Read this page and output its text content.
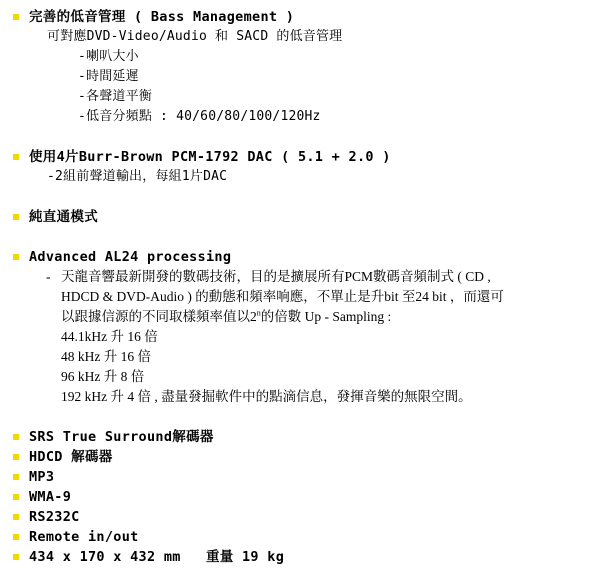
完善的低音管理 ( Bass Management )
可對應DVD-Video/Audio 和 SACD 的低音管理
-喇叭大小
-時間延遲
-各聲道平衡
-低音分頻點 : 40/60/80/100/120Hz
使用4片Burr-Brown PCM-1792 DAC ( 5.1 + 2.0 )
-2組前聲道輸出，每組1片DAC
純直通模式
Advanced AL24 processing
- 天龍音響最新開發的數碼技術，目的是擴展所有PCM數碼音頻制式 ( CD ,
HDCD & DVD-Audio ) 的動態和頻率响應，不單止是升bit 至24 bit ，而還可
以跟據信源的不同取樣頻率值以2$^n$的倍數 Up - Sampling :
44.1kHz 升 16 倍
48 kHz 升 16 倍
96 kHz 升 8 倍
192 kHz 升 4 倍 , 盡量發掘軟件中的點滴信息，發揮音樂的無限空間。
SRS True Surround解碼器
HDCD 解碼器
MP3
WMA-9
RS232C
Remote in/out
434 x 170 x 432 mm   重量 19 kg
